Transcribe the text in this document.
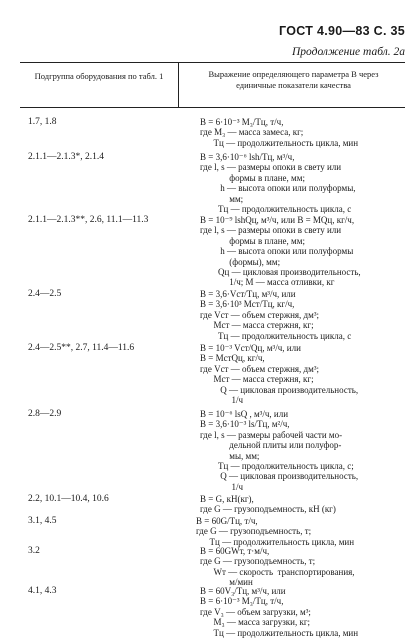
ГОСТ 4.90—83 С. 35
Продолжение табл. 2а
Подгруппа оборудования по табл. 1	Выражение определяющего параметра В через единичные показатели качества
1.7, 1.8	B = 6·10⁻³ M₃/Tц, т/ч,
где M₃ — масса замеса, кг;
Tц — продолжительность цикла, мин
2.1.1—2.1.3*, 2.1.4	B = 3,6·10⁻⁶ lsh/Tц, м³/ч,
где l, s — размеры опоки в свету или
формы в плане, мм;
h — высота опоки или полуформы,
мм;
Tц — продолжительность цикла, с
2.1.1—2.1.3**, 2.6, 11.1—11.3	B = 10⁻⁹ lshQц, м³/ч, или B = MQц, кг/ч,
где l, s — размеры опоки в свету или
формы в плане, мм;
h — высота опоки или полуформы
(формы), мм;
Qц — цикловая производительность,
1/ч; M — масса отливки, кг
2.4—2.5	B = 3,6·Vст/Tц, м³/ч, или
B = 3,6·10³ Mст/Tц, кг/ч,
где Vст — объем стержня, дм³;
Mст — масса стержня, кг;
Tц — продолжительность цикла, с
2.4—2.5**, 2.7, 11.4—11.6	B = 10⁻³ Vст/Qц, м³/ч, или
B = MстQц, кг/ч,
где Vст — объем стержня, дм³;
Mст — масса стержня, кг;
Q — цикловая производительность,
1/ч
2.8—2.9	B = 10⁻⁶ lsQ , м³/ч, или
B = 3,6·10⁻³ ls/Tц, м²/ч,
где l, s — размеры рабочей части мо-
дельной плиты или полуфор-
мы, мм;
Tц — продолжительность цикла, с;
Q — цикловая производительность,
1/ч
2.2, 10.1—10.4, 10.6	B = G, кН(кг),
где G — грузоподъемность, кН (кг)
3.1, 4.5	B = 60G/Tц, т/ч,
где G — грузоподъемность, т;
Tц — продолжительность цикла, мин
3.2	B = 60GWт, т·м/ч,
где G — грузоподъемность, т;
Wт — скорость  транспортирования,
м/мин
4.1, 4.3	B = 60V₃/Tц, м³/ч, или
B = 6·10⁻³ M₃/Tц, т/ч,
где V₃ — объем загрузки, м³;
M₃ — масса загрузки, кг;
Tц — продолжительность цикла, мин
